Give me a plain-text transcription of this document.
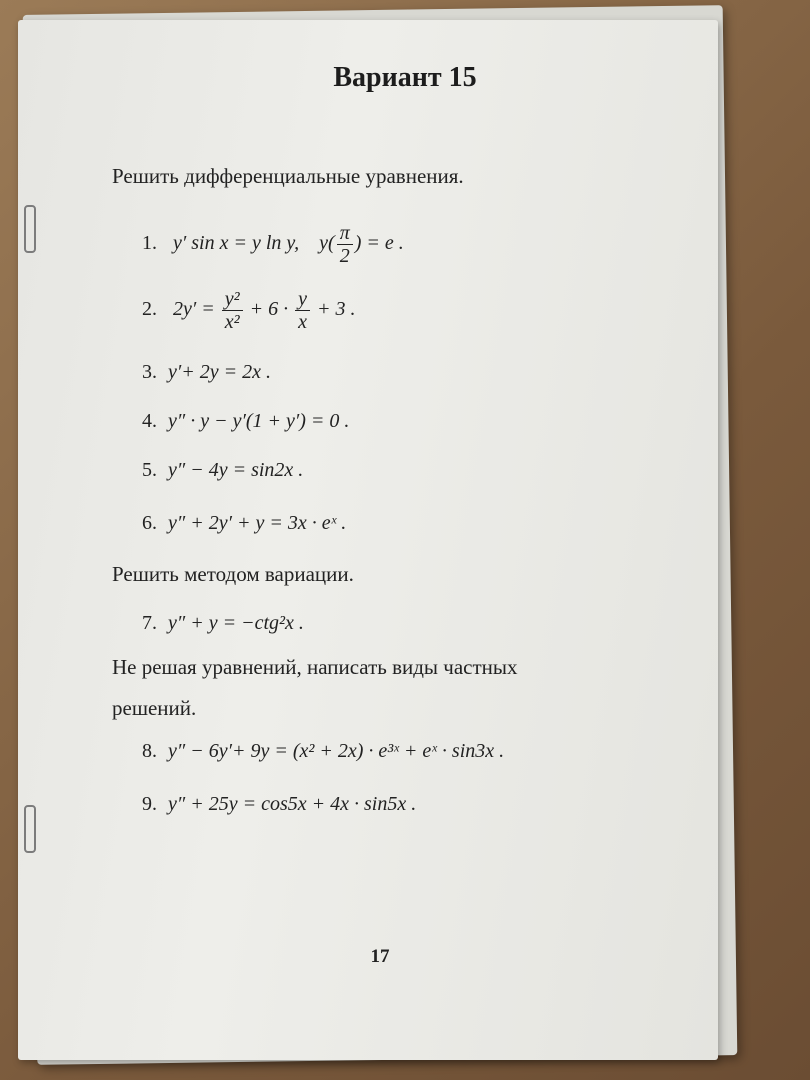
Вариант 15
Решить дифференциальные уравнения.
1. y′ sin x = y ln y, $y( \frac{\pi}{2}$ ) = e .
2. $2y' = \frac{\text{y²}}{\text{x²}} + 6 \cdot \frac{y}{x} + 3$ .
3. y′+ 2y = 2x .
4. y″ · y − y′(1 + y′) = 0 .
5. y″ − 4y = sin2x .
6. y″ + 2y′ + y = 3x · eˣ .
Решить методом вариации.
7. y″ + y = −ctg²x .
Не решая уравнений, написать виды частных
решений.
8. y″ − 6y′+ 9y = (x² + 2x) · e³ˣ + eˣ · sin3x .
9. y″ + 25y = cos5x + 4x · sin5x .
17
